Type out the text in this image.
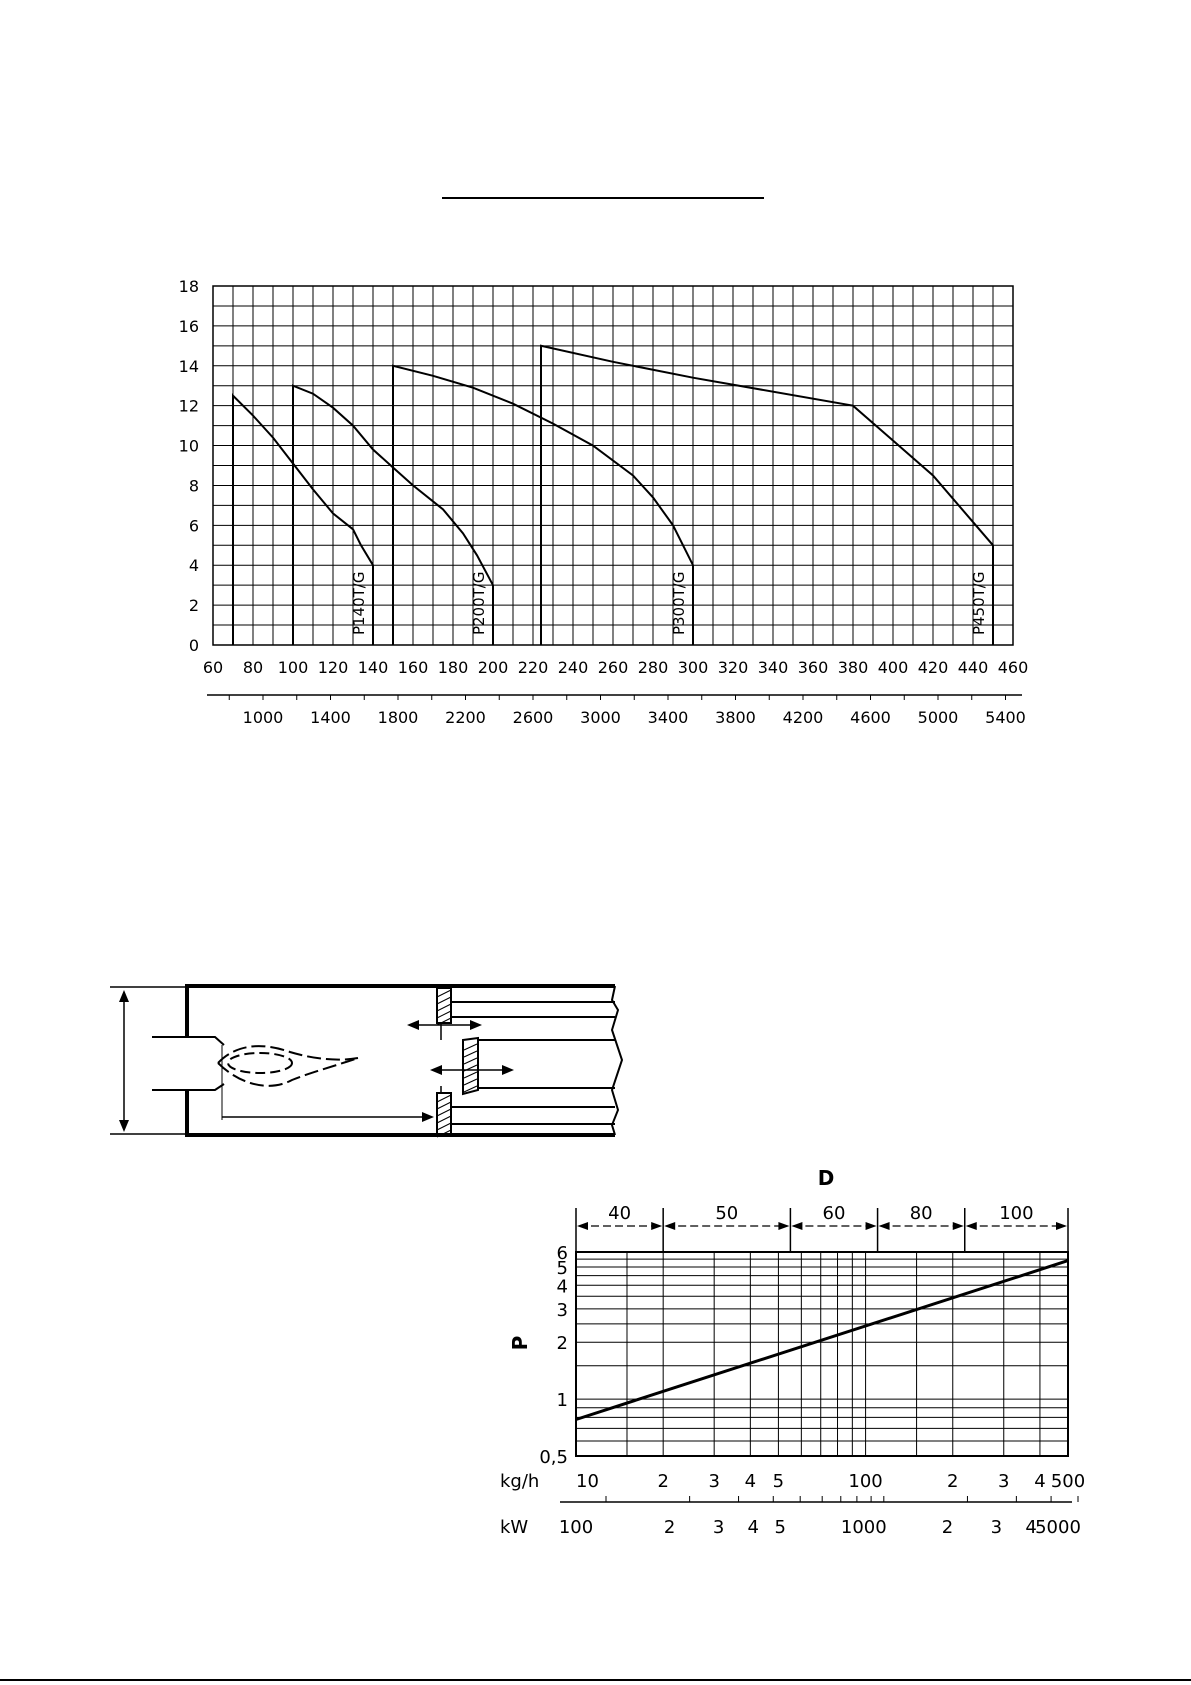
0
2
4
6
8
10
12
14
16
18
60 80 100 120 140 160 180 200 220 240 260 280 300 320 340 360 380 400 420 440 460
1000 1400 1800 2200 2600 3000 3400 3800 4200 4600 5000 5400
P140T/G	P200T/G	P300T/G	P450T/G
D
P
0,5
1
2
3
4
5
6
kg/h 10	2 3 4 5	100	2 3 4 500
kW 100	2 3 4 5	1000	2 3 4
5000
40	50	60	80	100
